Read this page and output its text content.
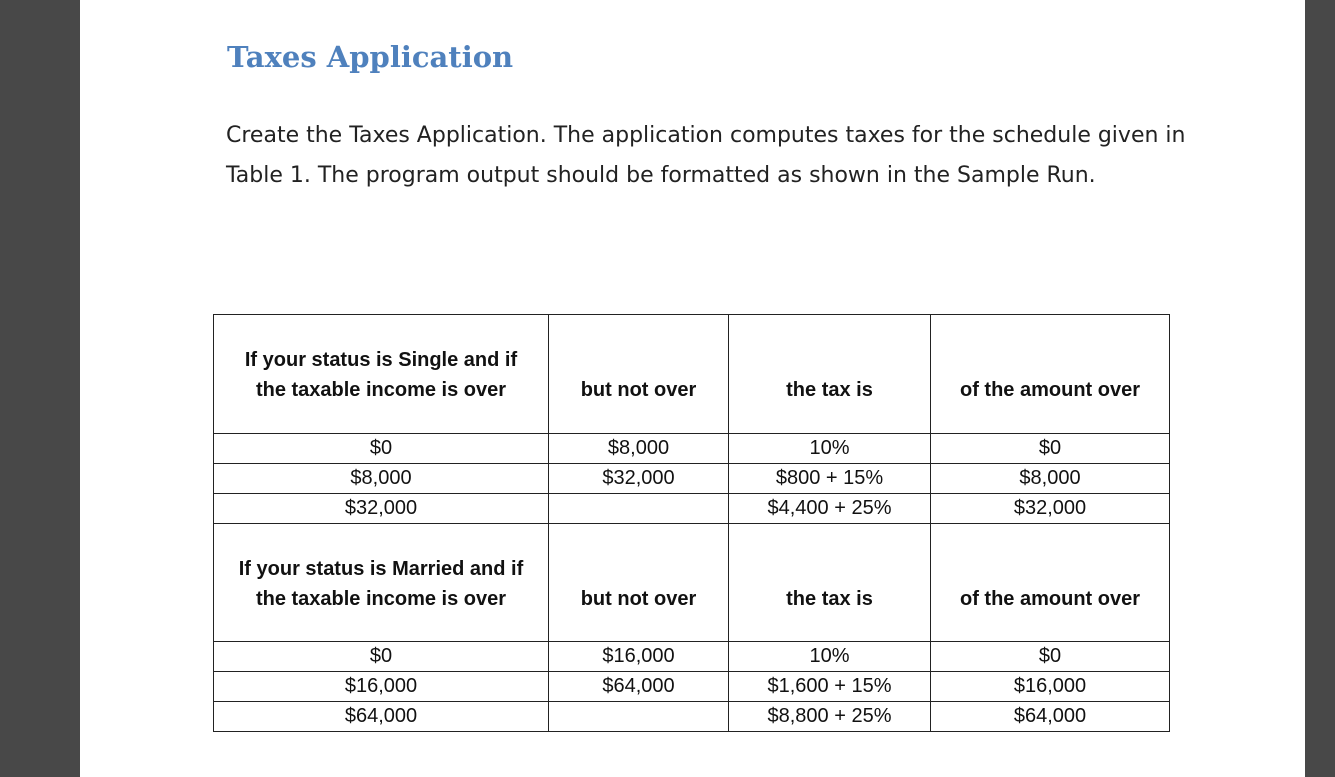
Taxes Application

Create the Taxes Application. The application computes taxes for the schedule given in Table 1. The program output should be formatted as shown in the Sample Run.

If your status is Single and if the taxable income is over	but not over	the tax is	of the amount over

$0	$8,000	10%	$0
$8,000	$32,000	$800 + 15%	$8,000
$32,000		$4,400 + 25%	$32,000

If your status is Married and if the taxable income is over	but not over	the tax is	of the amount over

$0	$16,000	10%	$0
$16,000	$64,000	$1,600 + 15%	$16,000
$64,000		$8,800 + 25%	$64,000
